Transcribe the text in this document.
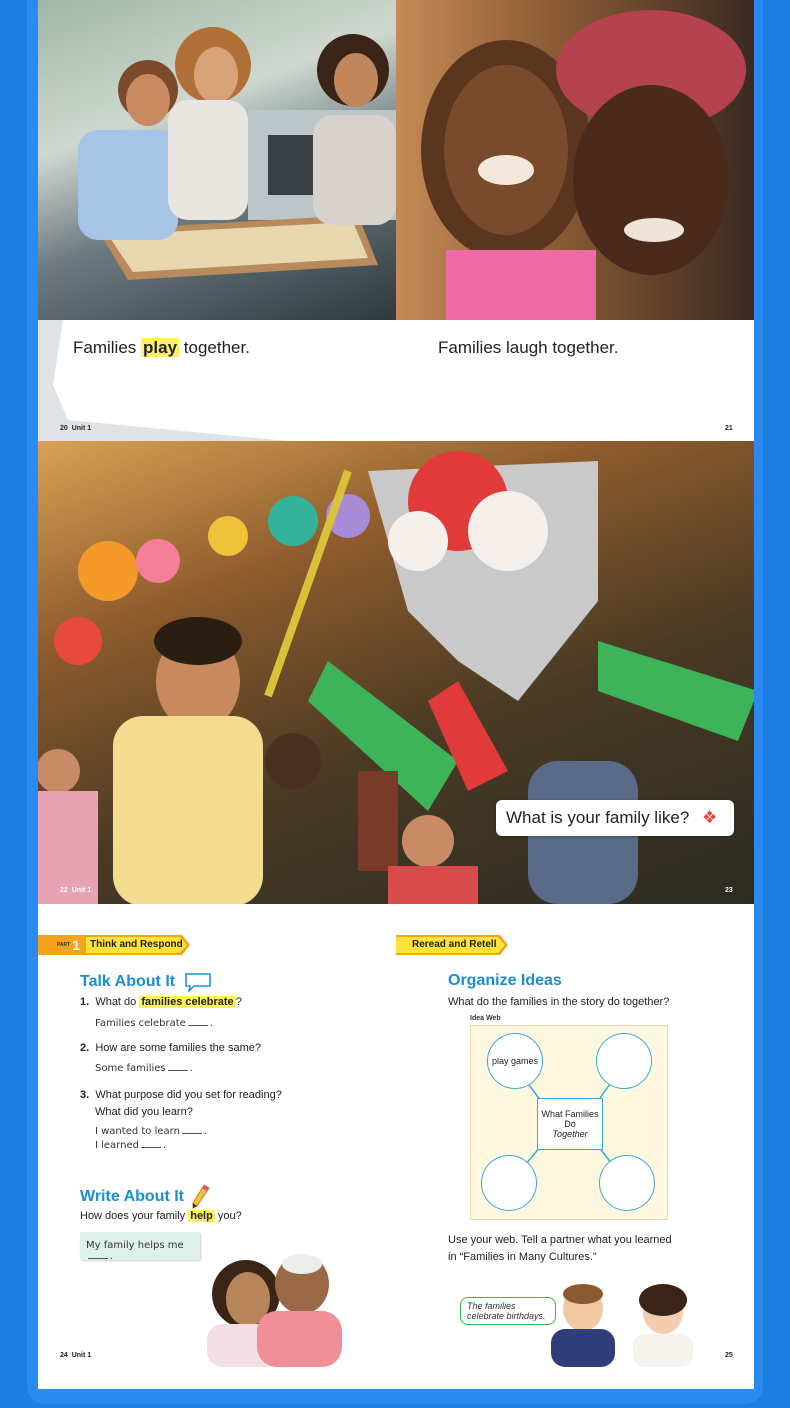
Families play together.	Families laugh together.
20 Unit 1	21
What is your family like? ❖
22 Unit 1	23
PART 1 Think and Respond
Talk About It
1. What do families celebrate ?
Families celebrate .
2. How are some families the same?
Some families .
3. What purpose did you set for reading?
What did you learn?
I wanted to learn .
I learned .
Write About It
How does your family help you?
My family helps me.
24 Unit 1
Reread and Retell
Organize Ideas
What do the families in the story do together?
Idea Web
play games
What Families
Do
Together
Use your web. Tell a partner what you learned
in “Families in Many Cultures.”
The families
celebrate birthdays.
25
